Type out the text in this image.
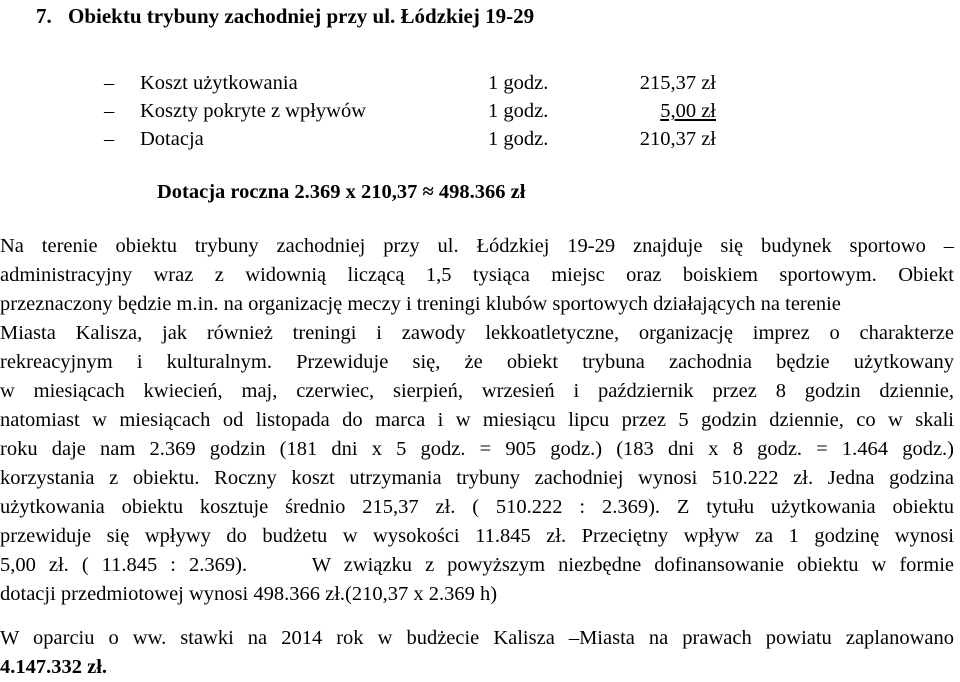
7. Obiektu trybuny zachodniej przy ul. Łódzkiej 19-29
– Koszt użytkowania	1 godz.	215,37 zł
– Koszty pokryte z wpływów	1 godz.	5,00 zł
– Dotacja	1 godz.	210,37 zł
Dotacja roczna 2.369 x 210,37 ≈ 498.366 zł
Na terenie obiektu trybuny zachodniej przy ul. Łódzkiej 19-29 znajduje się budynek sportowo –
administracyjny wraz z widownią liczącą 1,5 tysiąca miejsc oraz boiskiem sportowym. Obiekt
przeznaczony będzie m.in. na organizację meczy i treningi klubów sportowych działających na terenie
Miasta Kalisza, jak również treningi i zawody lekkoatletyczne, organizację imprez o charakterze
rekreacyjnym i kulturalnym. Przewiduje się, że obiekt trybuna zachodnia będzie użytkowany
w miesiącach kwiecień, maj, czerwiec, sierpień, wrzesień i październik przez 8 godzin dziennie,
natomiast w miesiącach od listopada do marca i w miesiącu lipcu przez 5 godzin dziennie, co w skali
roku daje nam 2.369 godzin (181 dni x 5 godz. = 905 godz.) (183 dni x 8 godz. = 1.464 godz.)
korzystania z obiektu. Roczny koszt utrzymania trybuny zachodniej wynosi 510.222 zł. Jedna godzina
użytkowania obiektu kosztuje średnio 215,37 zł. ( 510.222 : 2.369). Z tytułu użytkowania obiektu
przewiduje się wpływy do budżetu w wysokości 11.845 zł. Przeciętny wpływ za 1 godzinę wynosi
5,00 zł. ( 11.845 : 2.369).     W związku z powyższym niezbędne dofinansowanie obiektu w formie
dotacji przedmiotowej wynosi 498.366 zł.(210,37 x 2.369 h)
W oparciu o ww. stawki na 2014 rok w budżecie Kalisza –Miasta na prawach powiatu zaplanowano
4.147.332 zł.
